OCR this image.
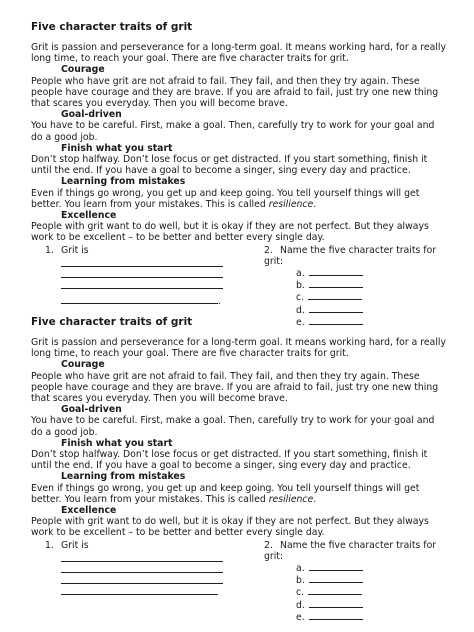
Five character traits of grit

Grit is passion and perseverance for a long-term goal. It means working hard, for a really long time, to reach your goal. There are five character traits for grit.

Courage

People who have grit are not afraid to fail. They fail, and then they try again. These people have courage and they are brave. If you are afraid to fail, just try one new thing that scares you everyday. Then you will become brave.

Goal-driven

You have to be careful. First, make a goal. Then, carefully try to work for your goal and do a good job.

Finish what you start

Don’t stop halfway. Don’t lose focus or get distracted. If you start something, finish it until the end. If you have a goal to become a singer, sing every day and practice.

Learning from mistakes

Even if things go wrong, you get up and keep going. You tell yourself things will get better. You learn from your mistakes. This is called resilience.

Excellence

People with grit want to do well, but it is okay if they are not perfect. But they always work to be excellent – to be better and better every single day.

1. Grit is
.
2. Name the five character traits for grit:
a.
b.
c.
d.
e.

Five character traits of grit

Grit is passion and perseverance for a long-term goal. It means working hard, for a really long time, to reach your goal. There are five character traits for grit.

Courage

People who have grit are not afraid to fail. They fail, and then they try again. These people have courage and they are brave. If you are afraid to fail, just try one new thing that scares you everyday. Then you will become brave.

Goal-driven

You have to be careful. First, make a goal. Then, carefully try to work for your goal and do a good job.

Finish what you start

Don’t stop halfway. Don’t lose focus or get distracted. If you start something, finish it until the end. If you have a goal to become a singer, sing every day and practice.

Learning from mistakes

Even if things go wrong, you get up and keep going. You tell yourself things will get better. You learn from your mistakes. This is called resilience.

Excellence

People with grit want to do well, but it is okay if they are not perfect. But they always work to be excellent – to be better and better every single day.

1. Grit is	2. Name the five character traits for grit:
a.
b.
c.
d.
e.
